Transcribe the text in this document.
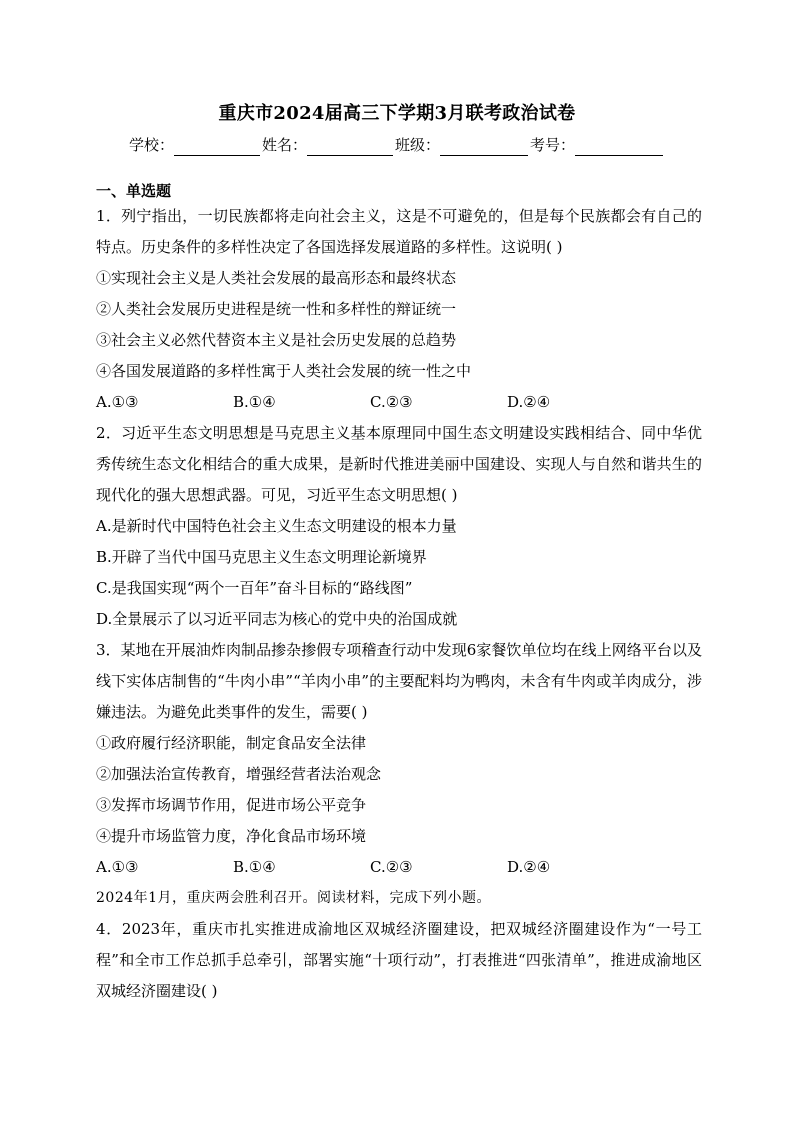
重庆市2024届高三下学期3月联考政治试卷
学校：	姓名：	班级：	考号：
一、单选题

1．列宁指出，一切民族都将走向社会主义，这是不可避免的，但是每个民族都会有自己的特点。历史条件的多样性决定了各国选择发展道路的多样性。这说明( )

①实现社会主义是人类社会发展的最高形态和最终状态
②人类社会发展历史进程是统一性和多样性的辩证统一
③社会主义必然代替资本主义是社会历史发展的总趋势
④各国发展道路的多样性寓于人类社会发展的统一性之中
A.①③	B.①④	C.②③	D.②④

2．习近平生态文明思想是马克思主义基本原理同中国生态文明建设实践相结合、同中华优秀传统生态文化相结合的重大成果，是新时代推进美丽中国建设、实现人与自然和谐共生的现代化的强大思想武器。可见，习近平生态文明思想( )

A.是新时代中国特色社会主义生态文明建设的根本力量
B.开辟了当代中国马克思主义生态文明理论新境界
C.是我国实现“两个一百年”奋斗目标的“路线图”
D.全景展示了以习近平同志为核心的党中央的治国成就

3．某地在开展油炸肉制品掺杂掺假专项稽查行动中发现6家餐饮单位均在线上网络平台以及线下实体店制售的“牛肉小串”“羊肉小串”的主要配料均为鸭肉，未含有牛肉或羊肉成分，涉嫌违法。为避免此类事件的发生，需要( )

①政府履行经济职能，制定食品安全法律
②加强法治宣传教育，增强经营者法治观念
③发挥市场调节作用，促进市场公平竞争
④提升市场监管力度，净化食品市场环境
A.①③	B.①④	C.②③	D.②④
2024年1月，重庆两会胜利召开。阅读材料，完成下列小题。

4．2023年，重庆市扎实推进成渝地区双城经济圈建设，把双城经济圈建设作为“一号工程”和全市工作总抓手总牵引，部署实施“十项行动”，打表推进“四张清单”，推进成渝地区双城经济圈建设( )
